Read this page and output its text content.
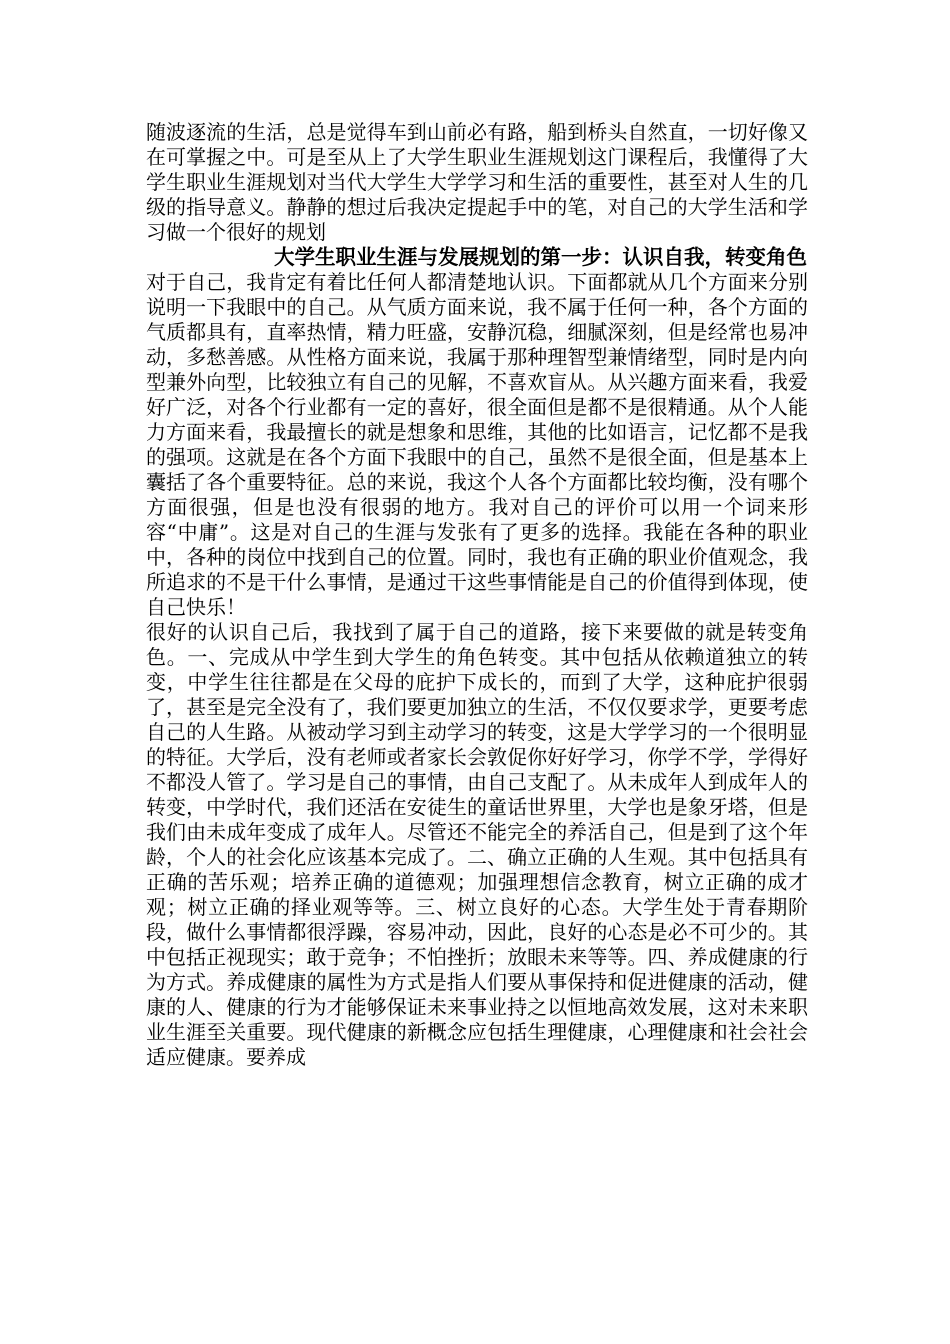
随波逐流的生活，总是觉得车到山前必有路，船到桥头自然直，一切好像又在可掌握之中。可是至从上了大学生职业生涯规划这门课程后，我懂得了大学生职业生涯规划对当代大学生大学学习和生活的重要性，甚至对人生的几级的指导意义。静静的想过后我决定提起手中的笔，对自己的大学生活和学习做一个很好的规划

大学生职业生涯与发展规划的第一步：认识自我，转变角色

对于自己，我肯定有着比任何人都清楚地认识。下面都就从几个方面来分别说明一下我眼中的自己。从气质方面来说，我不属于任何一种，各个方面的气质都具有，直率热情，精力旺盛，安静沉稳，细腻深刻，但是经常也易冲动，多愁善感。从性格方面来说，我属于那种理智型兼情绪型，同时是内向型兼外向型，比较独立有自己的见解，不喜欢盲从。从兴趣方面来看，我爱好广泛，对各个行业都有一定的喜好，很全面但是都不是很精通。从个人能力方面来看，我最擅长的就是想象和思维，其他的比如语言，记忆都不是我的强项。这就是在各个方面下我眼中的自己，虽然不是很全面，但是基本上囊括了各个重要特征。总的来说，我这个人各个方面都比较均衡，没有哪个方面很强，但是也没有很弱的地方。我对自己的评价可以用一个词来形容“中庸”。这是对自己的生涯与发张有了更多的选择。我能在各种的职业中，各种的岗位中找到自己的位置。同时，我也有正确的职业价值观念，我所追求的不是干什么事情，是通过干这些事情能是自己的价值得到体现，使自己快乐！

很好的认识自己后，我找到了属于自己的道路，接下来要做的就是转变角色。一、完成从中学生到大学生的角色转变。其中包括从依赖道独立的转变，中学生往往都是在父母的庇护下成长的，而到了大学，这种庇护很弱了，甚至是完全没有了，我们要更加独立的生活，不仅仅要求学，更要考虑自己的人生路。从被动学习到主动学习的转变，这是大学学习的一个很明显的特征。大学后，没有老师或者家长会敦促你好好学习，你学不学，学得好不都没人管了。学习是自己的事情，由自己支配了。从未成年人到成年人的转变，中学时代，我们还活在安徒生的童话世界里，大学也是象牙塔，但是我们由未成年变成了成年人。尽管还不能完全的养活自己，但是到了这个年龄，个人的社会化应该基本完成了。二、确立正确的人生观。其中包括具有正确的苦乐观；培养正确的道德观；加强理想信念教育，树立正确的成才观；树立正确的择业观等等。三、树立良好的心态。大学生处于青春期阶段，做什么事情都很浮躁，容易冲动，因此，良好的心态是必不可少的。其中包括正视现实；敢于竞争；不怕挫折；放眼未来等等。四、养成健康的行为方式。养成健康的属性为方式是指人们要从事保持和促进健康的活动，健康的人、健康的行为才能够保证未来事业持之以恒地高效发展，这对未来职业生涯至关重要。现代健康的新概念应包括生理健康，心理健康和社会社会适应健康。要养成
